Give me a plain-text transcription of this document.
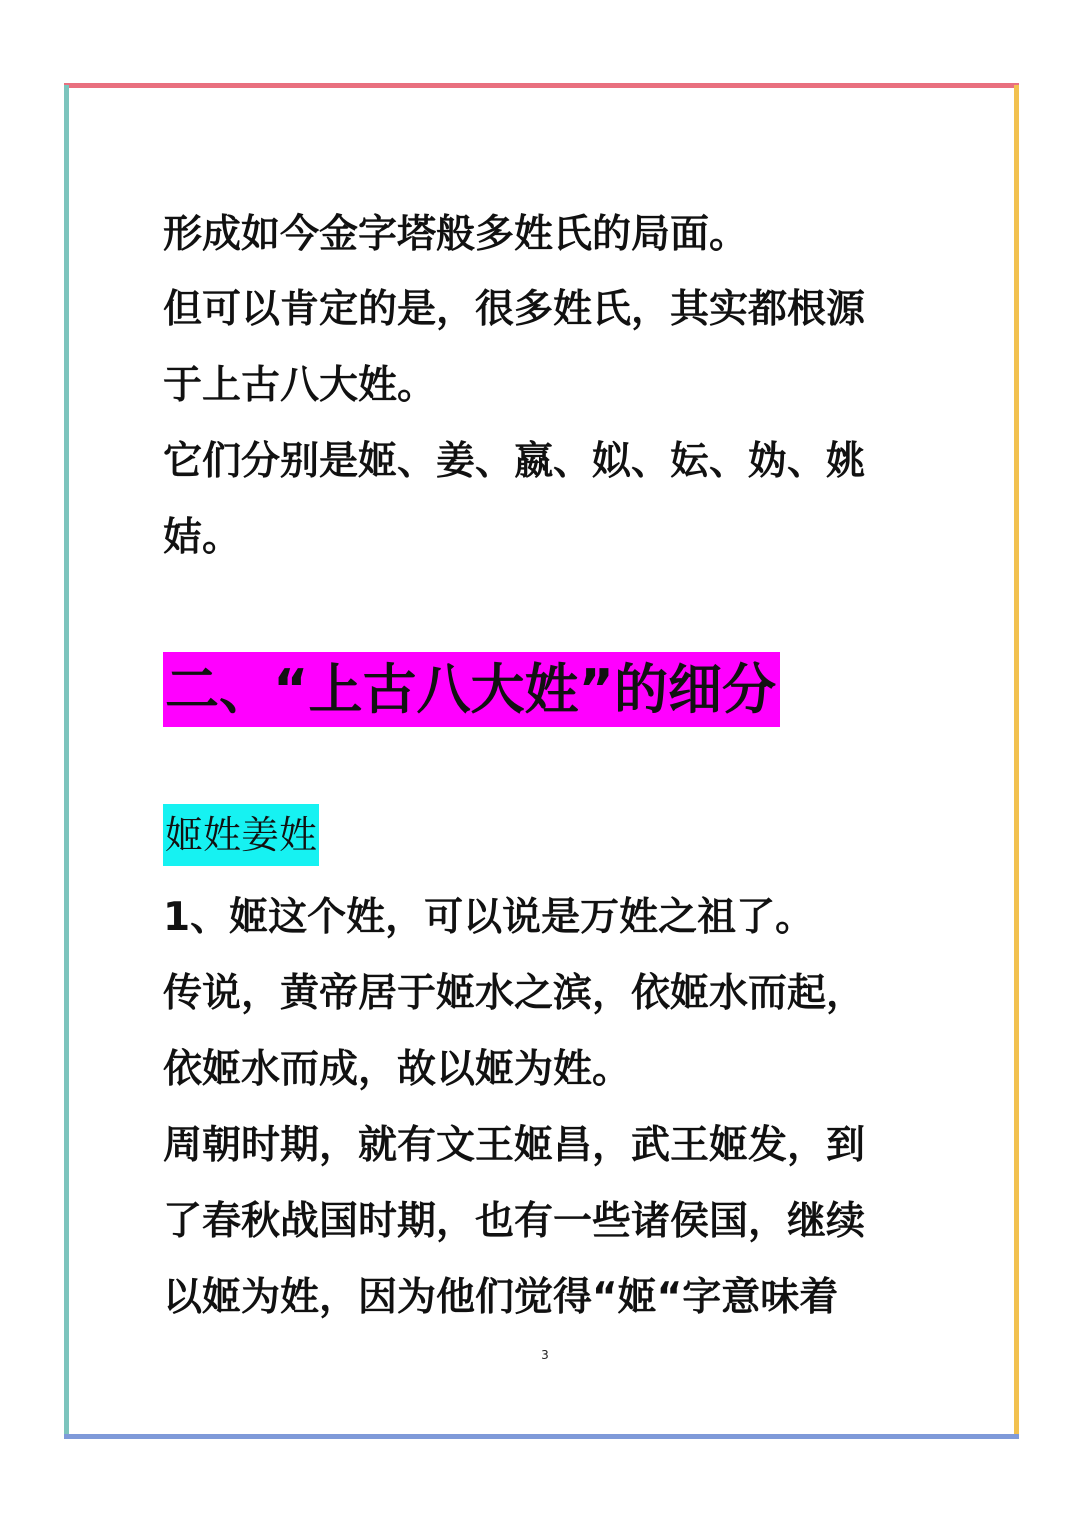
形成如今金字塔般多姓氏的局面。

但可以肯定的是，很多姓氏，其实都根源

于上古八大姓。

它们分别是姬、姜、嬴、姒、妘、妫、姚

姞。

二、“上古八大姓”的细分
姬姓姜姓

1、姬这个姓，可以说是万姓之祖了。

传说，黄帝居于姬水之滨，依姬水而起，

依姬水而成，故以姬为姓。

周朝时期，就有文王姬昌，武王姬发，到

了春秋战国时期，也有一些诸侯国，继续

以姬为姓，因为他们觉得“姬“字意味着

3
